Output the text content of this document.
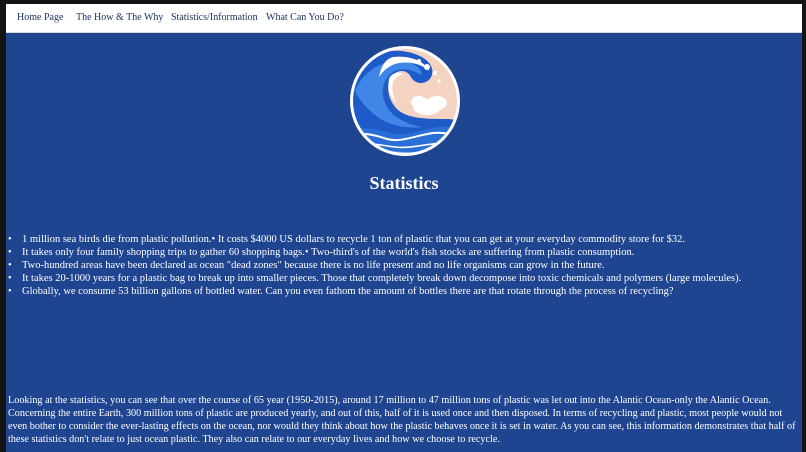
Home Page The How & The Why Statistics/Information What Can You Do?
Statistics
• 1 million sea birds die from plastic pollution.• It costs $4000 US dollars to recycle 1 ton of plastic that you can get at your everyday commodity store for $32.
• It takes only four family shopping trips to gather 60 shopping bags.• Two-third's of the world's fish stocks are suffering from plastic consumption.
• Two-hundred areas have been declared as ocean "dead zones" because there is no life present and no life organisms can grow in the future.
• It takes 20-1000 years for a plastic bag to break up into smaller pieces. Those that completely break down decompose into toxic chemicals and polymers (large molecules).
• Globally, we consume 53 billion gallons of bottled water. Can you even fathom the amount of bottles there are that rotate through the process of recycling?

Looking at the statistics, you can see that over the course of 65 year (1950-2015), around 17 million to 47 million tons of plastic was let out into the Alantic Ocean-only the Alantic Ocean. Concerning the entire Earth, 300 million tons of plastic are produced yearly, and out of this, half of it is used once and then disposed. In terms of recycling and plastic, most people would not even bother to consider the ever-lasting effects on the ocean, nor would they think about how the plastic behaves once it is set in water. As you can see, this information demonstrates that half of these statistics don't relate to just ocean plastic. They also can relate to our everyday lives and how we choose to recycle.
